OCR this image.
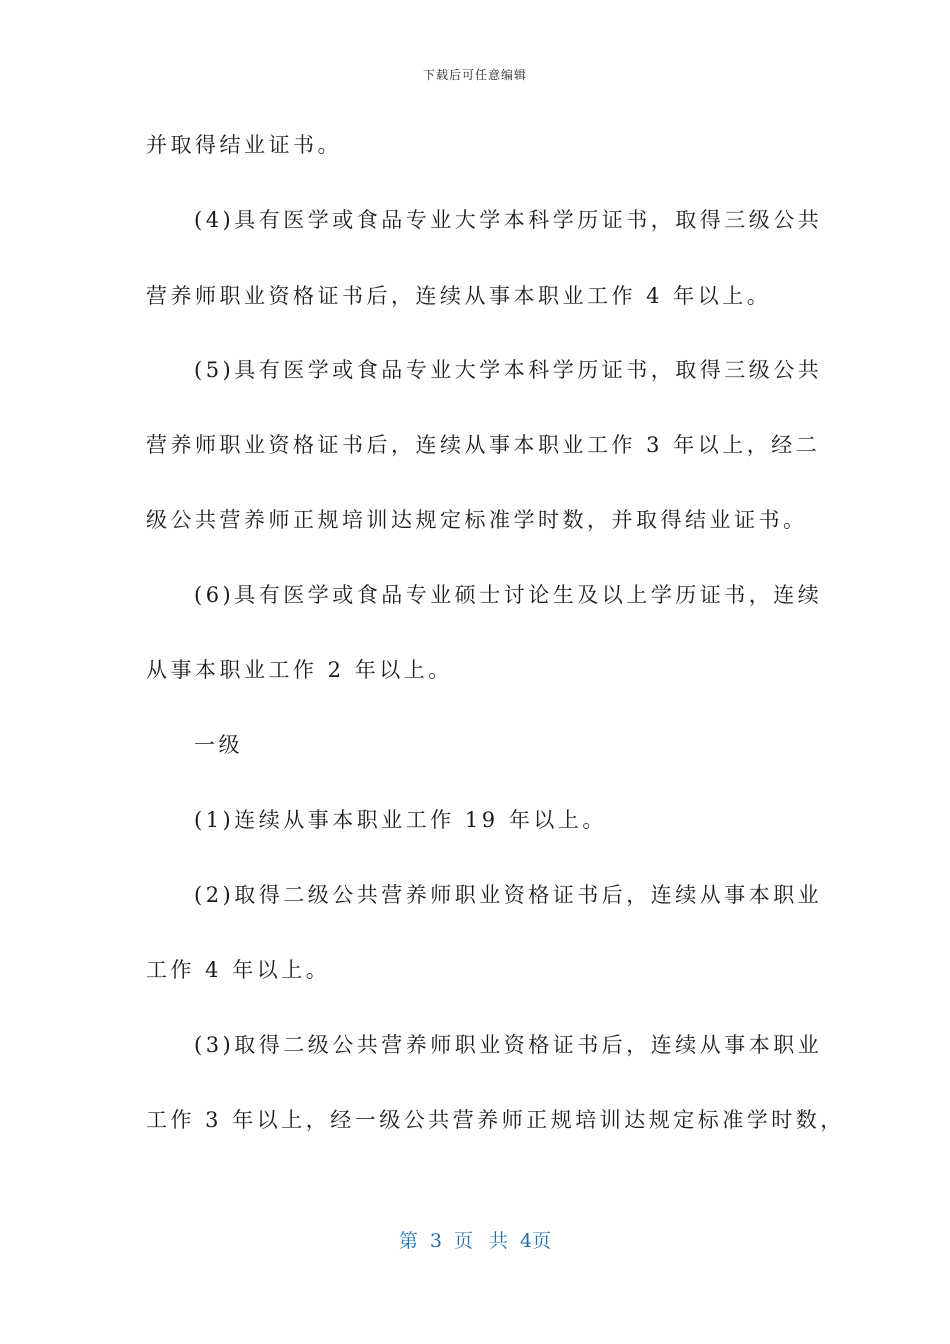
下载后可任意编辑
并取得结业证书。
(4)具有医学或食品专业大学本科学历证书，取得三级公共
营养师职业资格证书后，连续从事本职业工作 4 年以上。
(5)具有医学或食品专业大学本科学历证书，取得三级公共
营养师职业资格证书后，连续从事本职业工作 3 年以上，经二
级公共营养师正规培训达规定标准学时数，并取得结业证书。
(6)具有医学或食品专业硕士讨论生及以上学历证书，连续
从事本职业工作 2 年以上。
一级
(1)连续从事本职业工作 19 年以上。
(2)取得二级公共营养师职业资格证书后，连续从事本职业
工作 4 年以上。
(3)取得二级公共营养师职业资格证书后，连续从事本职业
工作 3 年以上，经一级公共营养师正规培训达规定标准学时数，
第 3 页 共 4页
